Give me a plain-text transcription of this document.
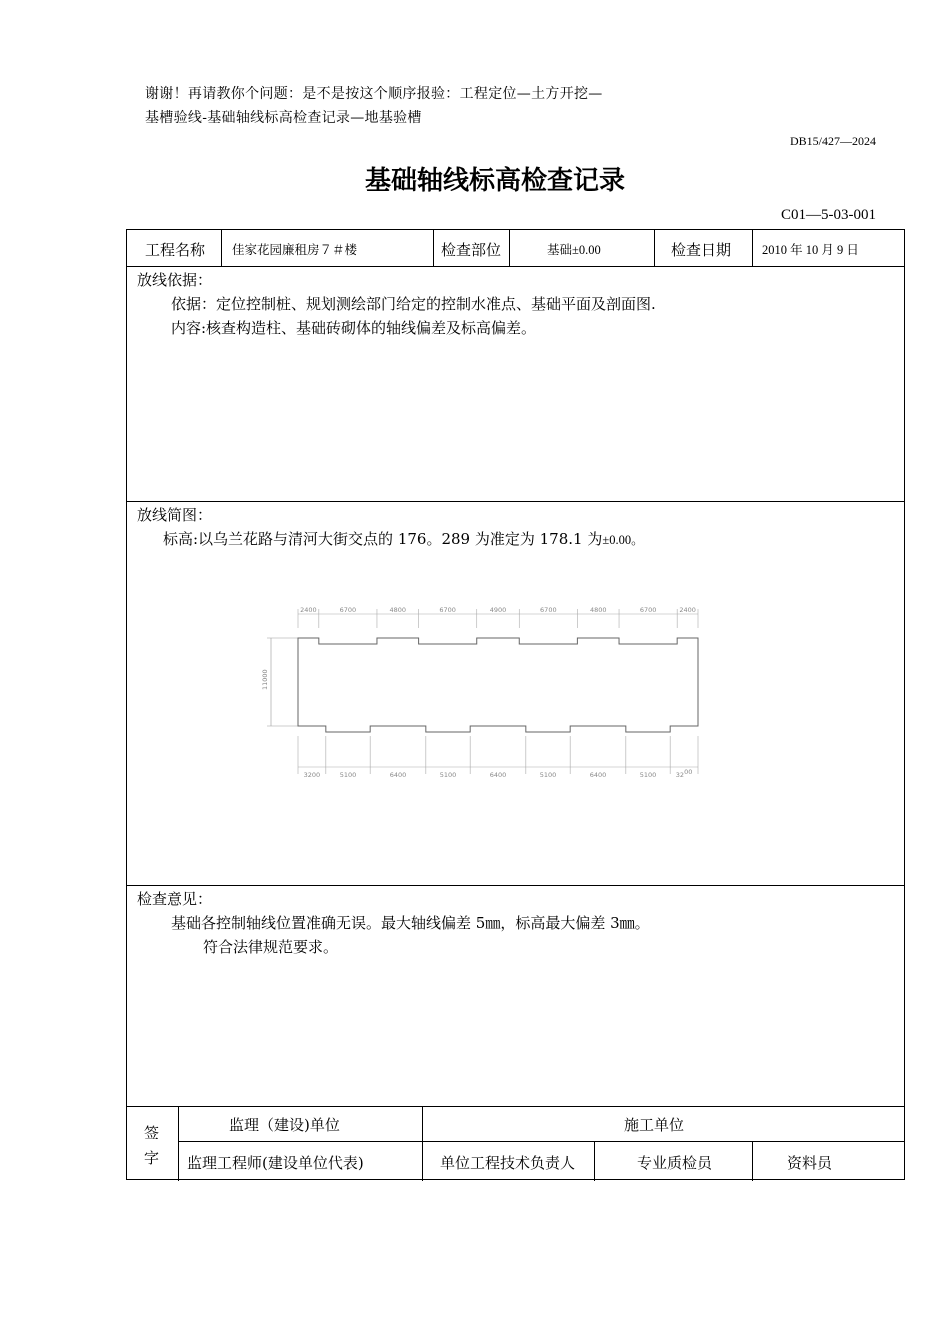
谢谢！再请教你个问题：是不是按这个顺序报验：工程定位—土方开挖—
基槽验线-基础轴线标高检查记录—地基验槽
DB15/427—2024
基础轴线标高检查记录
C01—5-03-001
工程名称 佳家花园廉租房７＃楼	检查部位	基础±0.00	检查日期 2010 年 10 月 9 日
放线依据：
依据：定位控制桩、规划测绘部门给定的控制水准点、基础平面及剖面图.
内容:核查构造柱、基础砖砌体的轴线偏差及标高偏差。
放线简图：
标高:以乌兰花路与清河大街交点的 176。289 为准定为 178.1 为±0.00。
2400	6700	4800	6700	4900	6700	4800	6700	2400
3200	5100	6400	5100	6400	5100	6400	5100	3200
11000
检查意见：
基础各控制轴线位置准确无误。最大轴线偏差 5㎜，标高最大偏差 3㎜。
符合法律规范要求。
签
字
监理（建设)单位	施工单位
监理工程师(建设单位代表)	单位工程技术负责人	专业质检员	资料员
